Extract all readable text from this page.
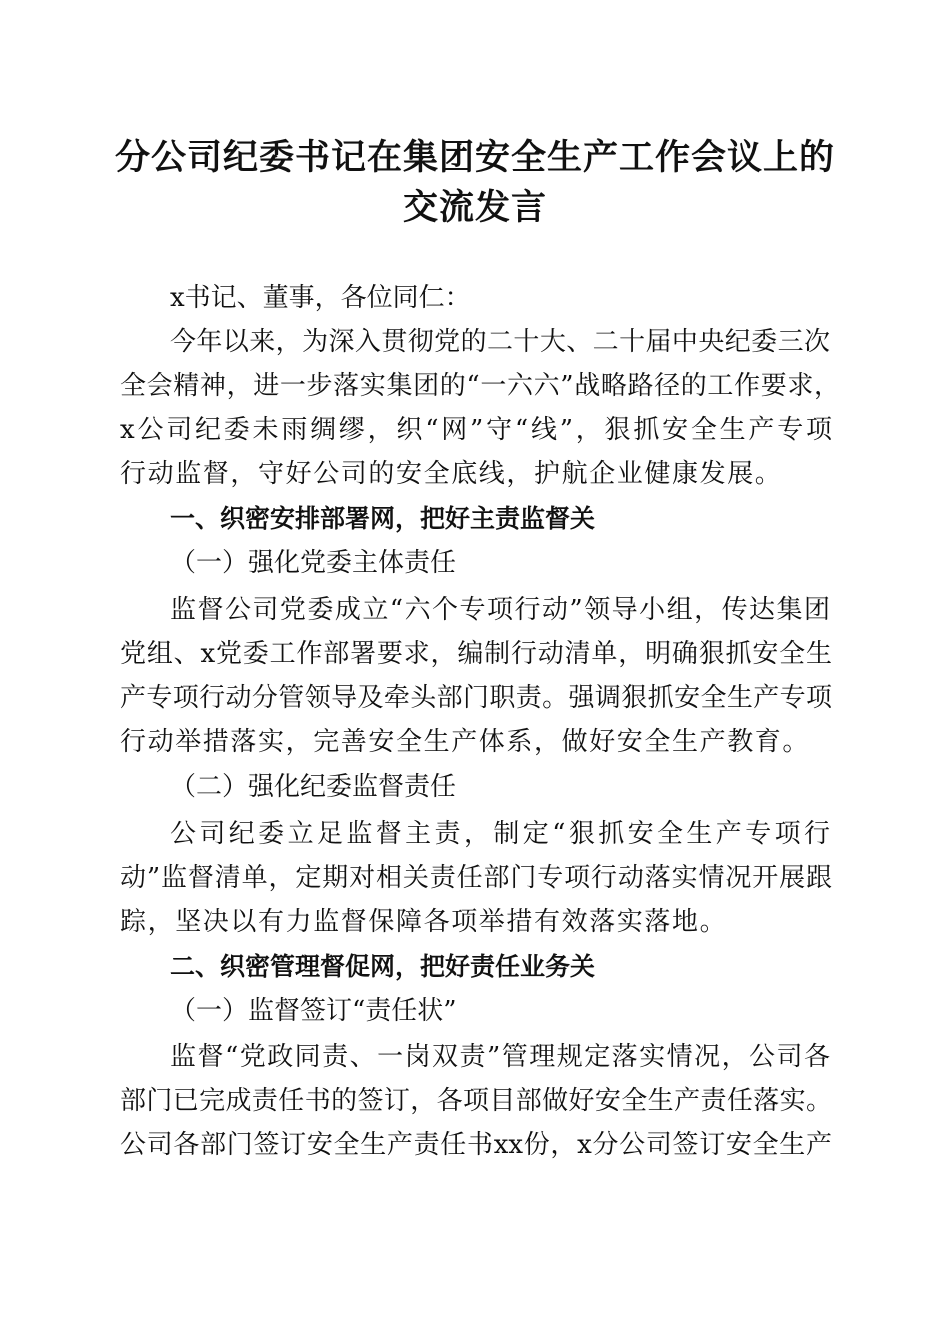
分公司纪委书记在集团安全生产工作会议上的
交流发言
x书记、董事，各位同仁：
今年以来，为深入贯彻党的二十大、二十届中央纪委三次
全会精神，进一步落实集团的“一六六”战略路径的工作要求，
x公司纪委未雨绸缪，织“网”守“线”，狠抓安全生产专项
行动监督，守好公司的安全底线，护航企业健康发展。
一、织密安排部署网，把好主责监督关
（一）强化党委主体责任
监督公司党委成立“六个专项行动”领导小组，传达集团
党组、x党委工作部署要求，编制行动清单，明确狠抓安全生
产专项行动分管领导及牵头部门职责。强调狠抓安全生产专项
行动举措落实，完善安全生产体系，做好安全生产教育。
（二）强化纪委监督责任
公司纪委立足监督主责，制定“狠抓安全生产专项行
动”监督清单，定期对相关责任部门专项行动落实情况开展跟
踪，坚决以有力监督保障各项举措有效落实落地。
二、织密管理督促网，把好责任业务关
（一）监督签订“责任状”
监督“党政同责、一岗双责”管理规定落实情况，公司各
部门已完成责任书的签订，各项目部做好安全生产责任落实。
公司各部门签订安全生产责任书xx份，x分公司签订安全生产
